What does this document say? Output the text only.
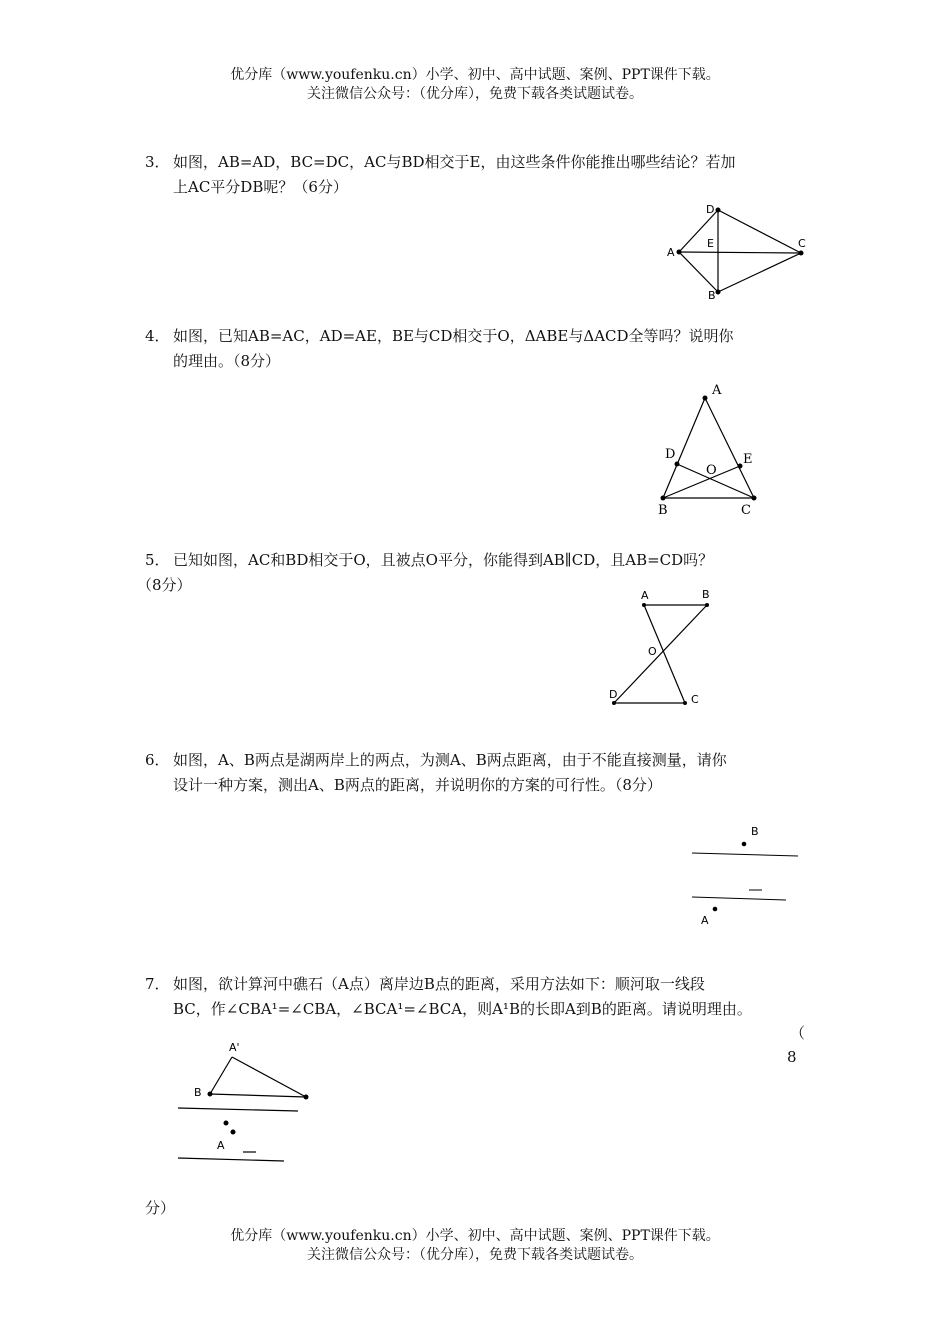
优分库（www.youfenku.cn）小学、初中、高中试题、案例、PPT课件下载。
关注微信公众号：（优分库），免费下载各类试题试卷。
3． 如图，AB=AD，BC=DC，AC与BD相交于E，由这些条件你能推出哪些结论？若加
上AC平分DB呢？（6分）
D
A
E	C
B
4． 如图，已知AB=AC，AD=AE，BE与CD相交于O，ΔABE与ΔACD全等吗？说明你
的理由。（8分）
A
D	E
O
B	C
5． 已知如图，AC和BD相交于O，且被点O平分，你能得到AB∥CD，且AB=CD吗？
（8分）
A	B
O
D	C
6． 如图，A、B两点是湖两岸上的两点，为测A、B两点距离，由于不能直接测量，请你
设计一种方案，测出A、B两点的距离，并说明你的方案的可行性。（8分）
B
A
7． 如图，欲计算河中礁石（A点）离岸边B点的距离，采用方法如下：顺河取一线段
BC，作∠CBA¹=∠CBA，∠BCA¹=∠BCA，则A¹B的长即A到B的距离。请说明理由。
（
8
分）
A'
B
A
优分库（www.youfenku.cn）小学、初中、高中试题、案例、PPT课件下载。
关注微信公众号：（优分库），免费下载各类试题试卷。
